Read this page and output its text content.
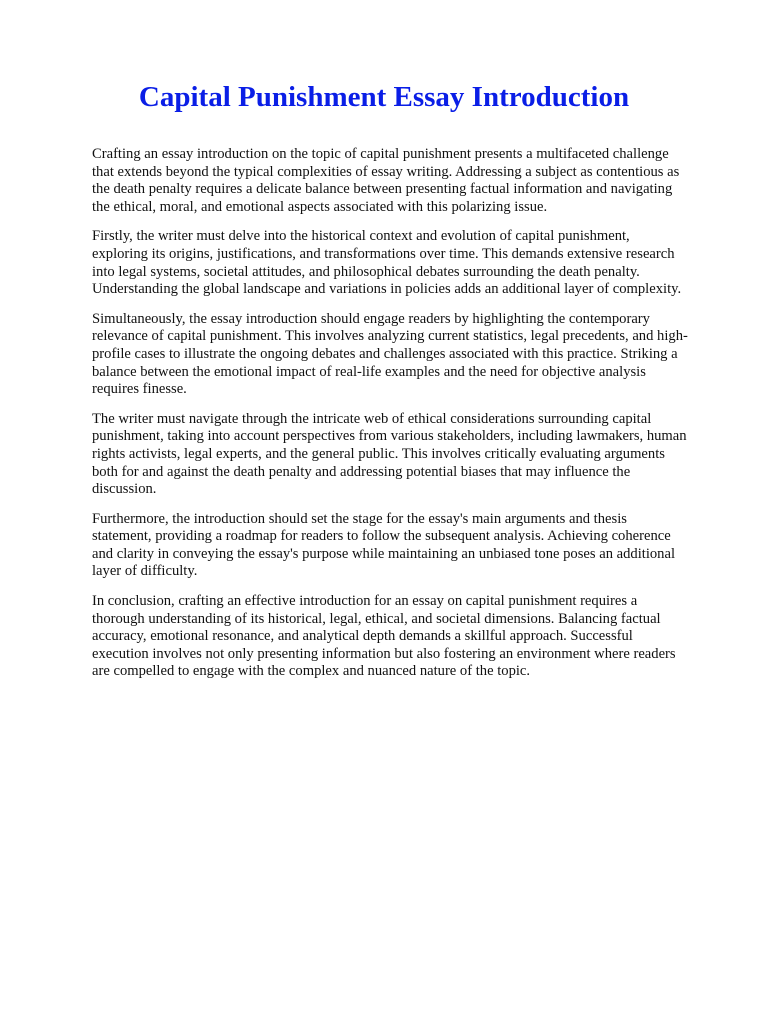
Capital Punishment Essay Introduction

Crafting an essay introduction on the topic of capital punishment presents a multifaceted challenge that extends beyond the typical complexities of essay writing. Addressing a subject as contentious as the death penalty requires a delicate balance between presenting factual information and navigating the ethical, moral, and emotional aspects associated with this polarizing issue.

Firstly, the writer must delve into the historical context and evolution of capital punishment, exploring its origins, justifications, and transformations over time. This demands extensive research into legal systems, societal attitudes, and philosophical debates surrounding the death penalty. Understanding the global landscape and variations in policies adds an additional layer of complexity.

Simultaneously, the essay introduction should engage readers by highlighting the contemporary relevance of capital punishment. This involves analyzing current statistics, legal precedents, and high-profile cases to illustrate the ongoing debates and challenges associated with this practice. Striking a balance between the emotional impact of real-life examples and the need for objective analysis requires finesse.

The writer must navigate through the intricate web of ethical considerations surrounding capital punishment, taking into account perspectives from various stakeholders, including lawmakers, human rights activists, legal experts, and the general public. This involves critically evaluating arguments both for and against the death penalty and addressing potential biases that may influence the discussion.

Furthermore, the introduction should set the stage for the essay's main arguments and thesis statement, providing a roadmap for readers to follow the subsequent analysis. Achieving coherence and clarity in conveying the essay's purpose while maintaining an unbiased tone poses an additional layer of difficulty.

In conclusion, crafting an effective introduction for an essay on capital punishment requires a thorough understanding of its historical, legal, ethical, and societal dimensions. Balancing factual accuracy, emotional resonance, and analytical depth demands a skillful approach. Successful execution involves not only presenting information but also fostering an environment where readers are compelled to engage with the complex and nuanced nature of the topic.
